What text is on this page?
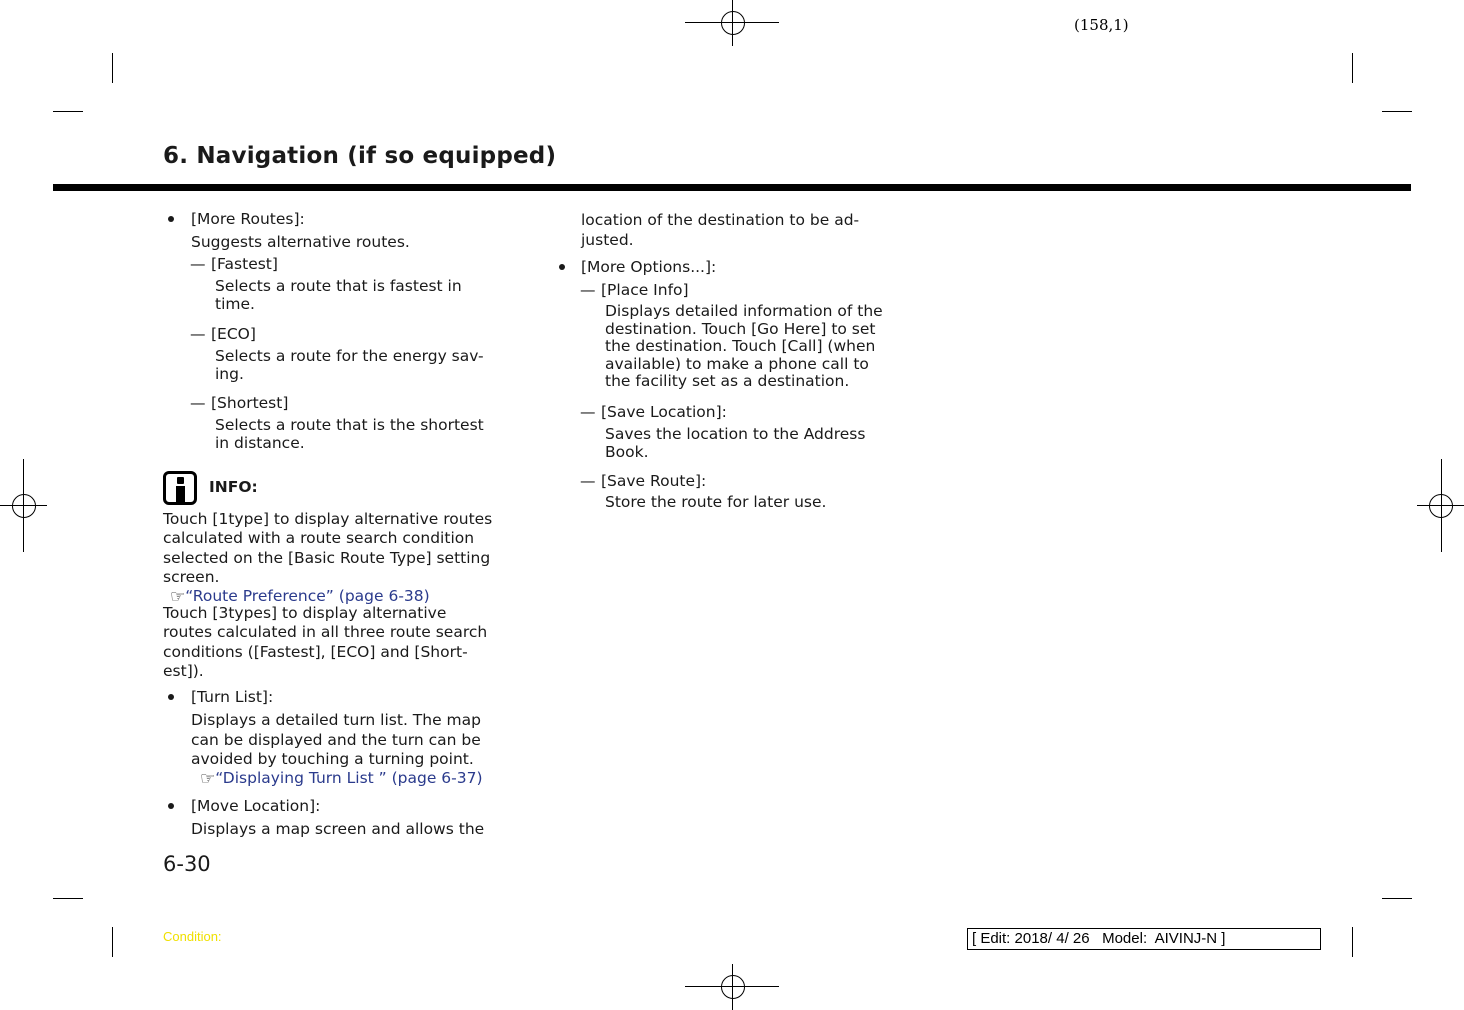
(158,1)
6. Navigation (if so equipped)
[More Routes]:
Suggests alternative routes.
— [Fastest]

Selects a route that is fastest in

time.

— [ECO]

Selects a route for the energy sav-

ing.

— [Shortest]

Selects a route that is the shortest

in distance.

INFO:

Touch [1type] to display alternative routes

calculated with a route search condition

selected on the [Basic Route Type] setting

screen.

☞“Route Preference” (page 6-38)

Touch [3types] to display alternative

routes calculated in all three route search

conditions ([Fastest], [ECO] and [Short-

est]).

[Turn List]:

Displays a detailed turn list. The map

can be displayed and the turn can be

avoided by touching a turning point.

☞“Displaying Turn List ” (page 6-37)
[Move Location]:

Displays a map screen and allows the

location of the destination to be ad-

justed.

[More Options...]:
— [Place Info]

Displays detailed information of the

destination. Touch [Go Here] to set

the destination. Touch [Call] (when

available) to make a phone call to

the facility set as a destination.

— [Save Location]:

Saves the location to the Address

Book.

— [Save Route]:
Store the route for later use.
6-30
Condition:	[ Edit: 2018/ 4/ 26   Model:  AIVINJ-N ]
